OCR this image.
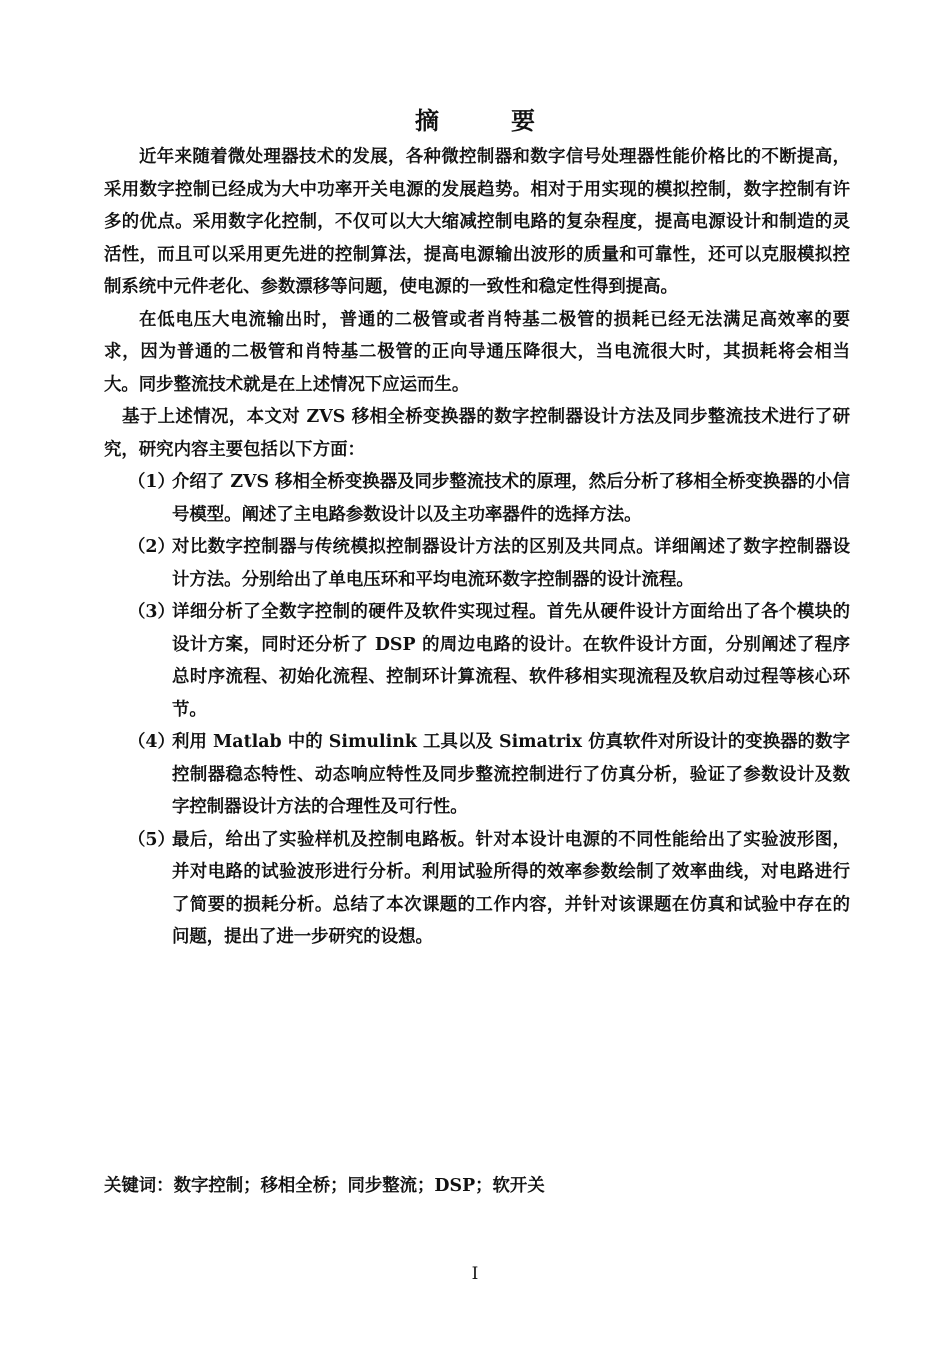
摘　要

近年来随着微处理器技术的发展，各种微控制器和数字信号处理器性能价格比的不断提高，采用数字控制已经成为大中功率开关电源的发展趋势。相对于用实现的模拟控制，数字控制有许多的优点。采用数字化控制，不仅可以大大缩减控制电路的复杂程度，提高电源设计和制造的灵活性，而且可以采用更先进的控制算法，提高电源输出波形的质量和可靠性，还可以克服模拟控制系统中元件老化、参数漂移等问题，使电源的一致性和稳定性得到提高。

在低电压大电流输出时，普通的二极管或者肖特基二极管的损耗已经无法满足高效率的要求，因为普通的二极管和肖特基二极管的正向导通压降很大，当电流很大时，其损耗将会相当大。同步整流技术就是在上述情况下应运而生。

基于上述情况，本文对 ZVS 移相全桥变换器的数字控制器设计方法及同步整流技术进行了研究，研究内容主要包括以下方面：

（1）
介绍了 ZVS 移相全桥变换器及同步整流技术的原理，然后分析了移相全桥变换器的小信号模型。阐述了主电路参数设计以及主功率器件的选择方法。
（2）
对比数字控制器与传统模拟控制器设计方法的区别及共同点。详细阐述了数字控制器设计方法。分别给出了单电压环和平均电流环数字控制器的设计流程。
（3）
详细分析了全数字控制的硬件及软件实现过程。首先从硬件设计方面给出了各个模块的设计方案，同时还分析了 DSP 的周边电路的设计。在软件设计方面，分别阐述了程序总时序流程、初始化流程、控制环计算流程、软件移相实现流程及软启动过程等核心环节。
（4）
利用 Matlab 中的 Simulink 工具以及 Simatrix 仿真软件对所设计的变换器的数字控制器稳态特性、动态响应特性及同步整流控制进行了仿真分析，验证了参数设计及数字控制器设计方法的合理性及可行性。
（5）
最后，给出了实验样机及控制电路板。针对本设计电源的不同性能给出了实验波形图，并对电路的试验波形进行分析。利用试验所得的效率参数绘制了效率曲线，对电路进行了简要的损耗分析。总结了本次课题的工作内容，并针对该课题在仿真和试验中存在的问题，提出了进一步研究的设想。
关键词：数字控制；移相全桥；同步整流；DSP；软开关
I
